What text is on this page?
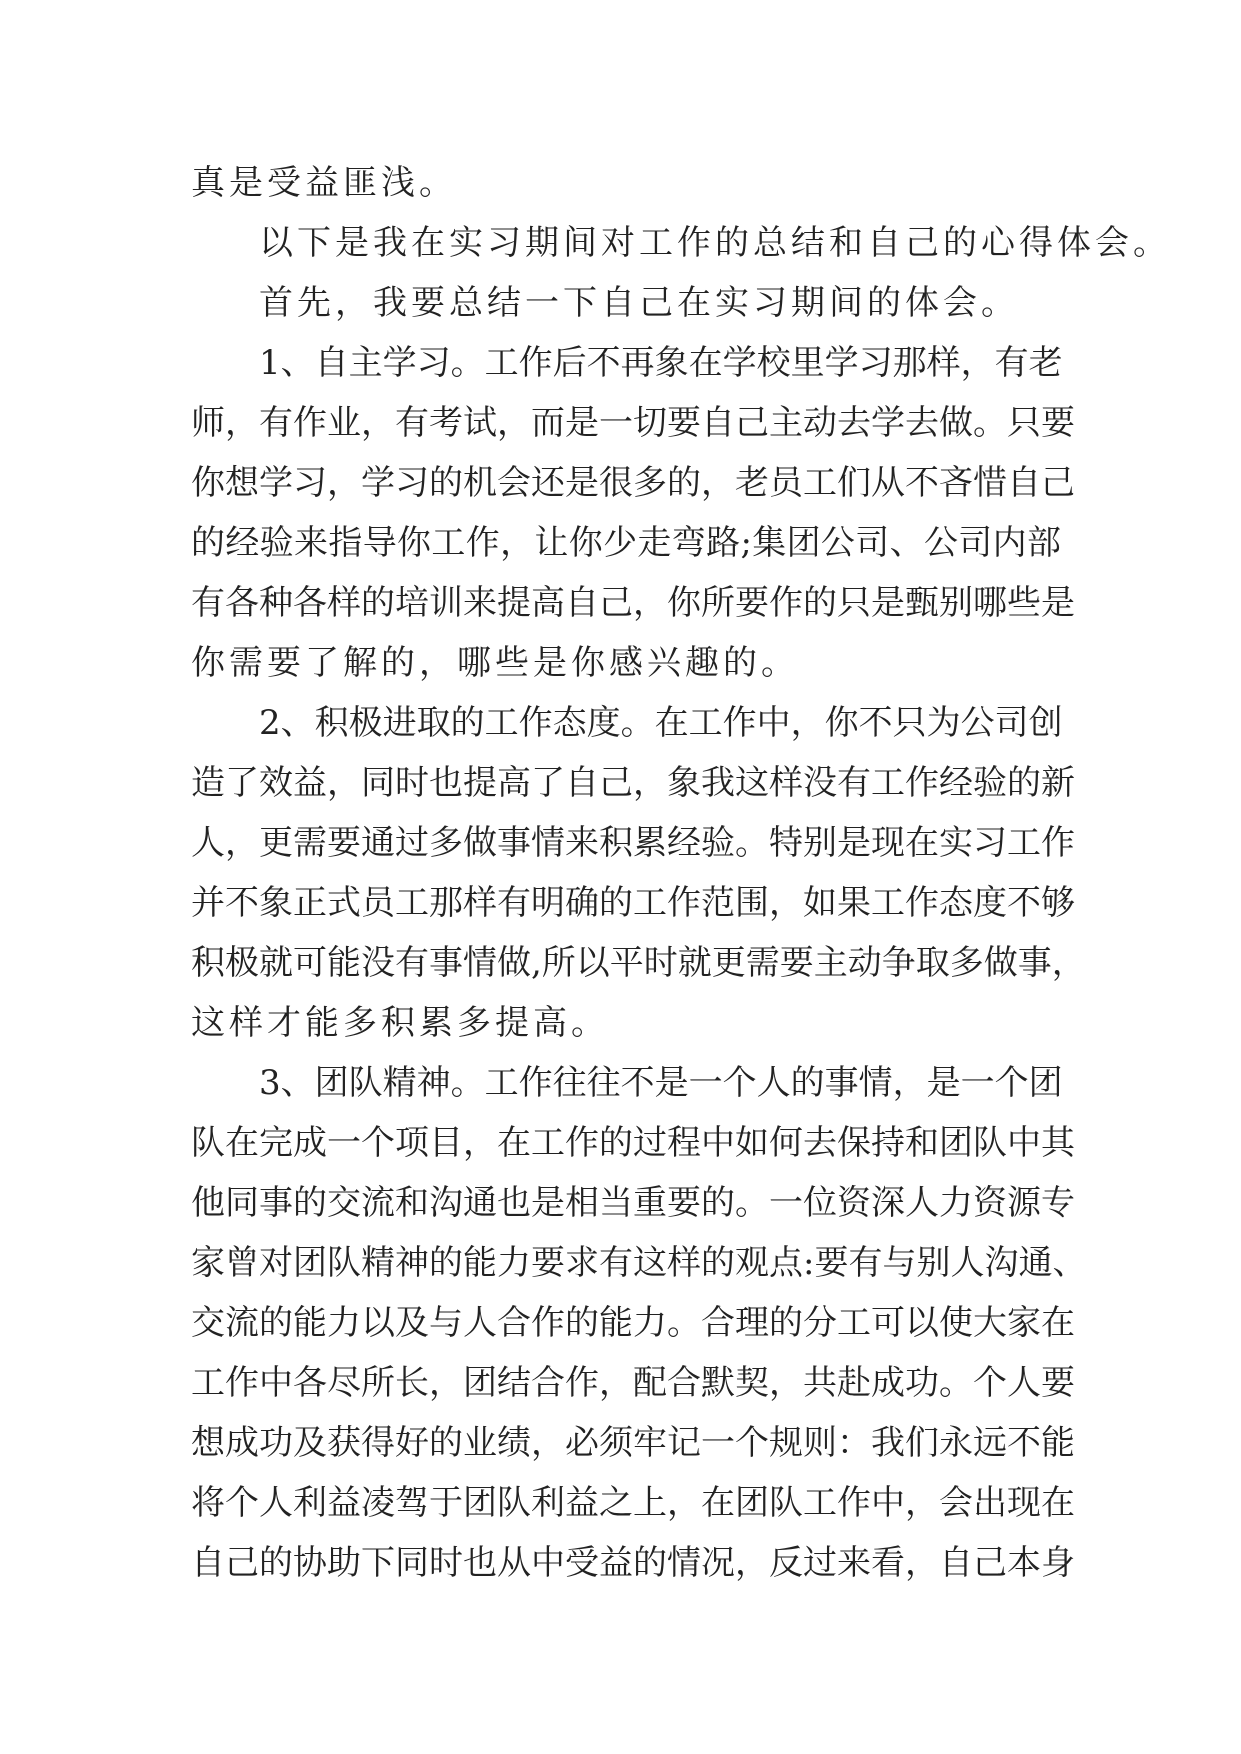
真是受益匪浅。
以下是我在实习期间对工作的总结和自己的心得体会。
首先，我要总结一下自己在实习期间的体会。
1、自主学习。工作后不再象在学校里学习那样，有老
师，有作业，有考试，而是一切要自己主动去学去做。只要
你想学习，学习的机会还是很多的，老员工们从不吝惜自己
的经验来指导你工作，让你少走弯路;集团公司、公司内部
有各种各样的培训来提高自己，你所要作的只是甄别哪些是
你需要了解的，哪些是你感兴趣的。
2、积极进取的工作态度。在工作中，你不只为公司创
造了效益，同时也提高了自己，象我这样没有工作经验的新
人，更需要通过多做事情来积累经验。特别是现在实习工作
并不象正式员工那样有明确的工作范围，如果工作态度不够
积极就可能没有事情做,所以平时就更需要主动争取多做事，
这样才能多积累多提高。
3、团队精神。工作往往不是一个人的事情，是一个团
队在完成一个项目，在工作的过程中如何去保持和团队中其
他同事的交流和沟通也是相当重要的。一位资深人力资源专
家曾对团队精神的能力要求有这样的观点:要有与别人沟通、
交流的能力以及与人合作的能力。合理的分工可以使大家在
工作中各尽所长，团结合作，配合默契，共赴成功。个人要
想成功及获得好的业绩，必须牢记一个规则：我们永远不能
将个人利益凌驾于团队利益之上，在团队工作中，会出现在
自己的协助下同时也从中受益的情况，反过来看，自己本身
